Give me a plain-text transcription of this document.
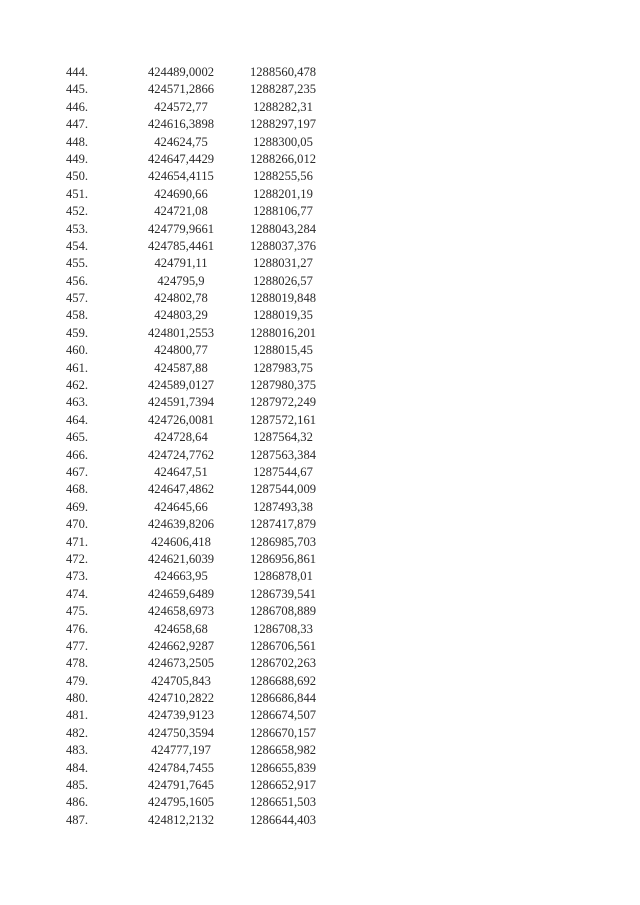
444.	424489,0002	1288560,478
445.	424571,2866	1288287,235
446.	424572,77	1288282,31
447.	424616,3898	1288297,197
448.	424624,75	1288300,05
449.	424647,4429	1288266,012
450.	424654,4115	1288255,56
451.	424690,66	1288201,19
452.	424721,08	1288106,77
453.	424779,9661	1288043,284
454.	424785,4461	1288037,376
455.	424791,11	1288031,27
456.	424795,9	1288026,57
457.	424802,78	1288019,848
458.	424803,29	1288019,35
459.	424801,2553	1288016,201
460.	424800,77	1288015,45
461.	424587,88	1287983,75
462.	424589,0127	1287980,375
463.	424591,7394	1287972,249
464.	424726,0081	1287572,161
465.	424728,64	1287564,32
466.	424724,7762	1287563,384
467.	424647,51	1287544,67
468.	424647,4862	1287544,009
469.	424645,66	1287493,38
470.	424639,8206	1287417,879
471.	424606,418	1286985,703
472.	424621,6039	1286956,861
473.	424663,95	1286878,01
474.	424659,6489	1286739,541
475.	424658,6973	1286708,889
476.	424658,68	1286708,33
477.	424662,9287	1286706,561
478.	424673,2505	1286702,263
479.	424705,843	1286688,692
480.	424710,2822	1286686,844
481.	424739,9123	1286674,507
482.	424750,3594	1286670,157
483.	424777,197	1286658,982
484.	424784,7455	1286655,839
485.	424791,7645	1286652,917
486.	424795,1605	1286651,503
487.	424812,2132	1286644,403
